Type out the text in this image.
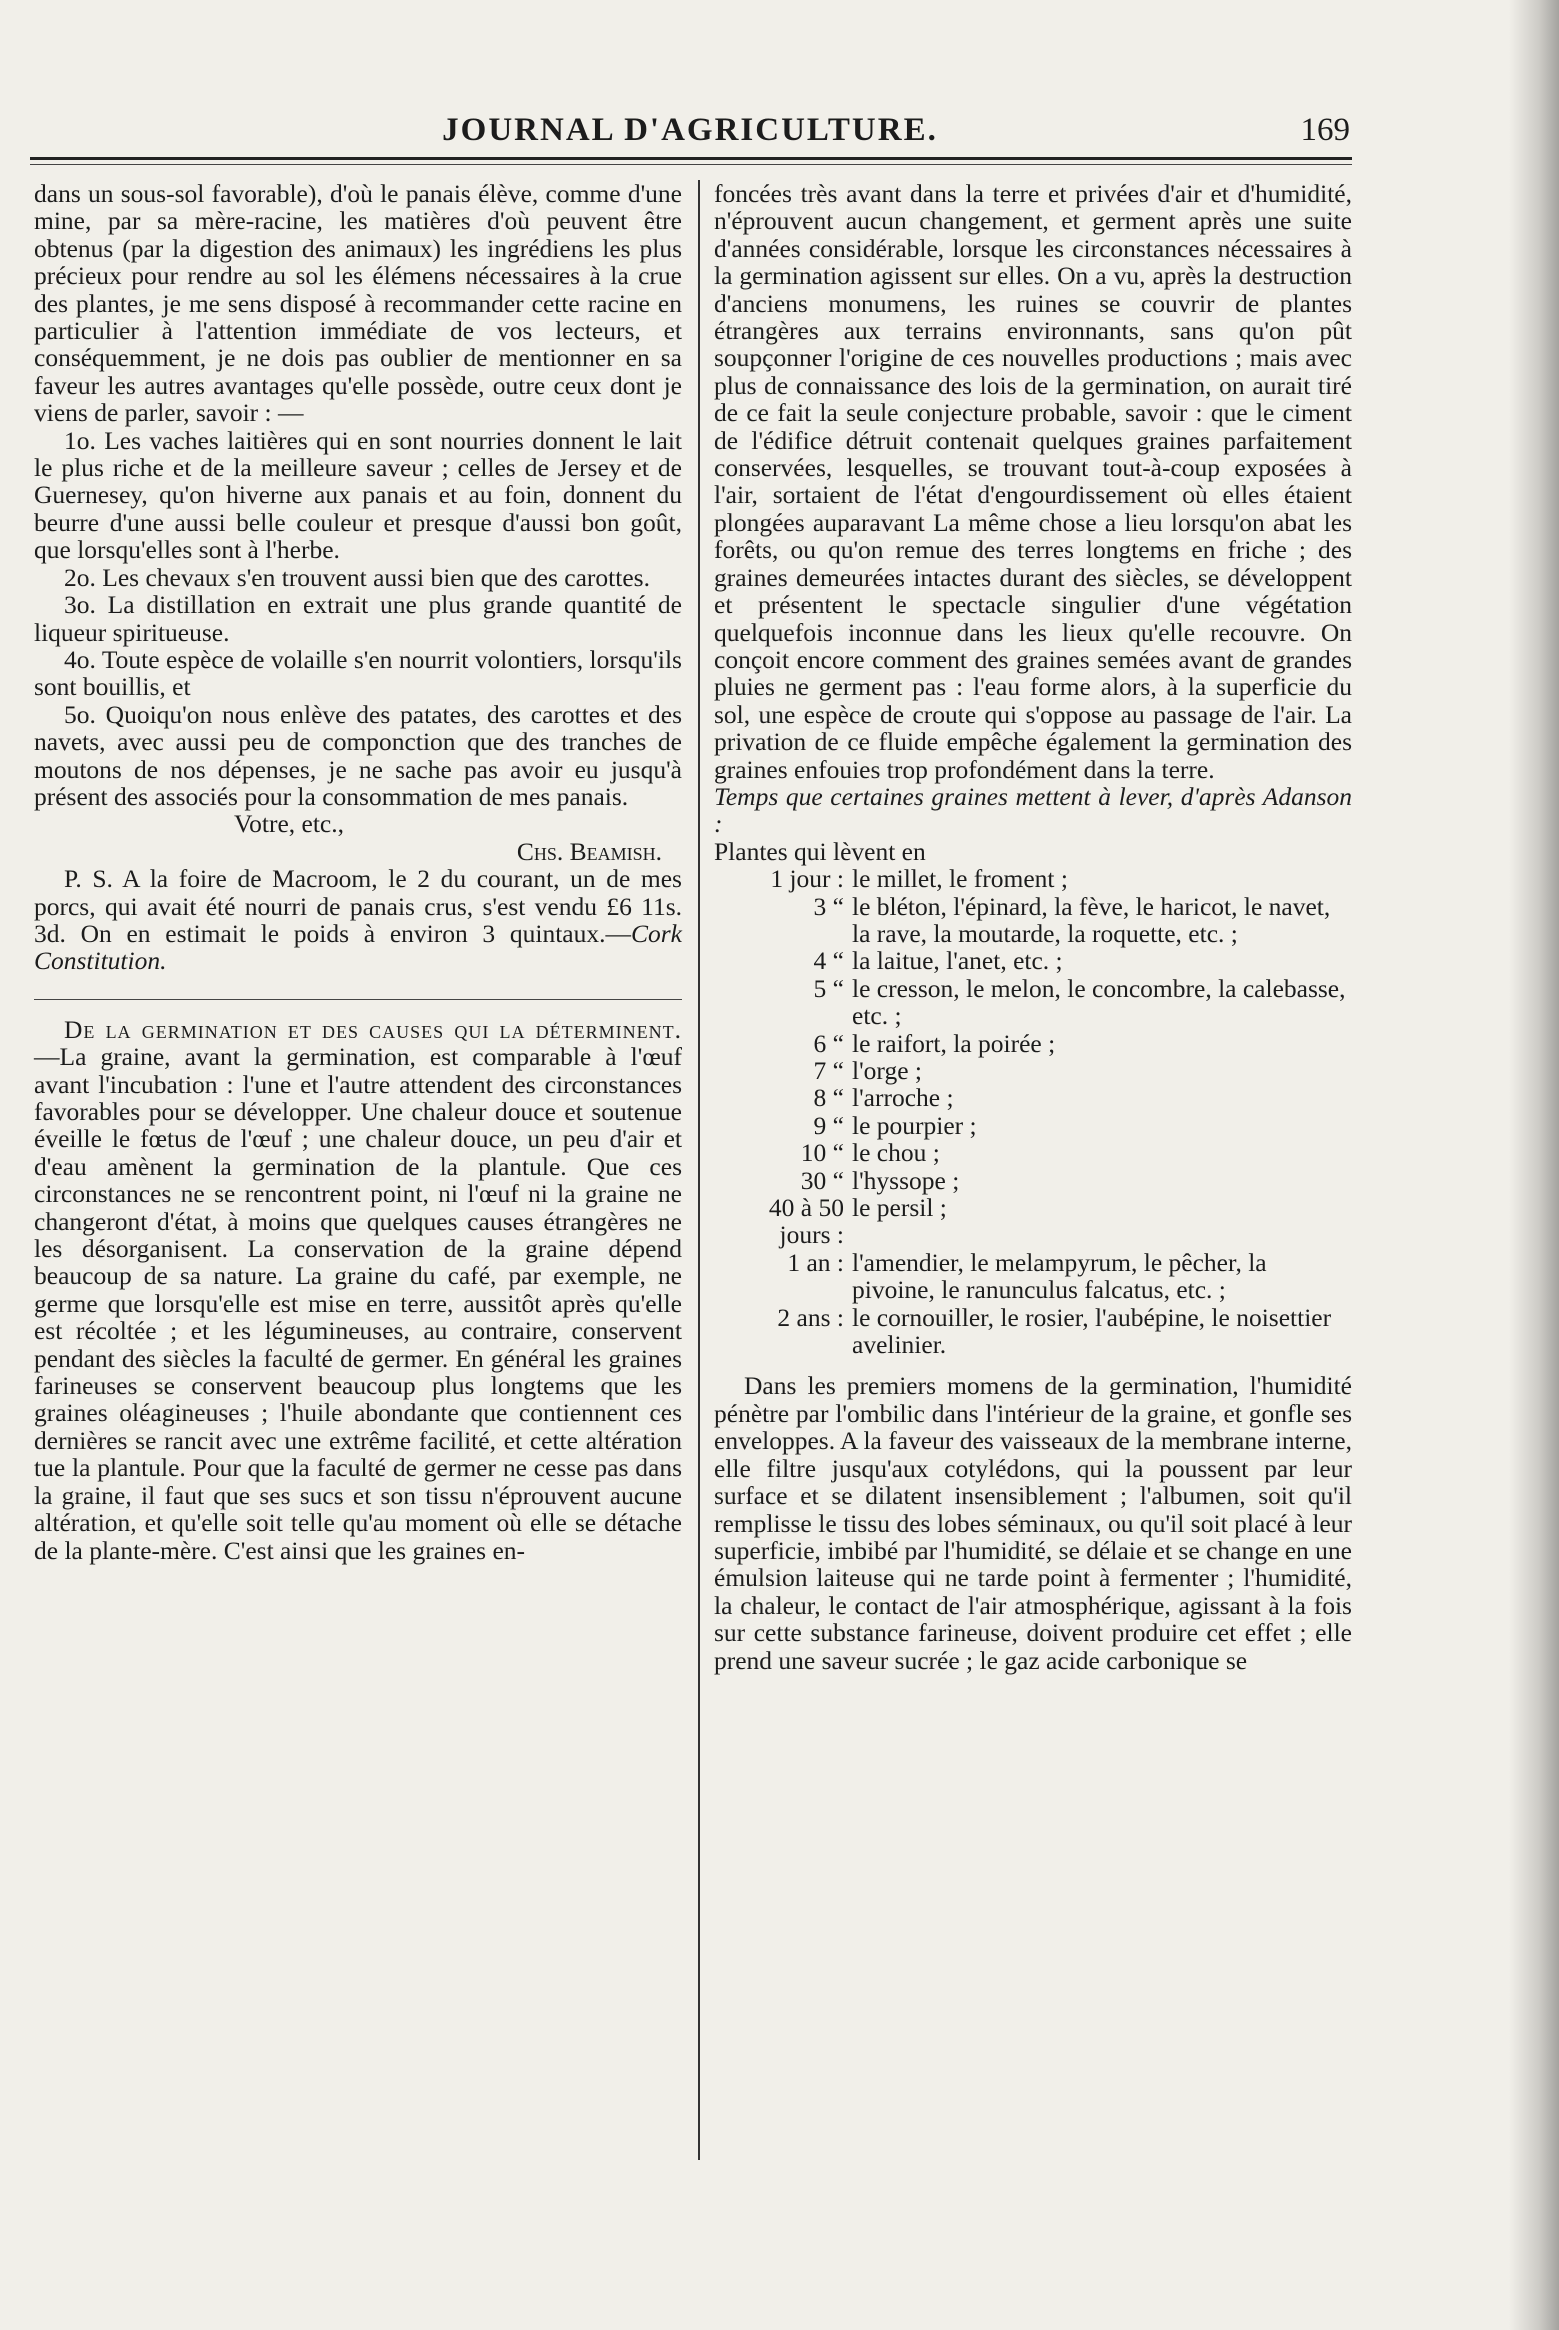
JOURNAL D'AGRICULTURE.	169

dans un sous-sol favorable), d'où le panais élève, comme d'une mine, par sa mère-racine, les matières d'où peuvent être obtenus (par la digestion des animaux) les ingrédiens les plus précieux pour rendre au sol les élémens nécessaires à la crue des plantes, je me sens disposé à recommander cette racine en particulier à l'attention immédiate de vos lecteurs, et conséquemment, je ne dois pas oublier de mentionner en sa faveur les autres avantages qu'elle possède, outre ceux dont je viens de parler, savoir : —

1o. Les vaches laitières qui en sont nourries donnent le lait le plus riche et de la meilleure saveur ; celles de Jersey et de Guernesey, qu'on hiverne aux panais et au foin, donnent du beurre d'une aussi belle couleur et presque d'aussi bon goût, que lorsqu'elles sont à l'herbe.

2o. Les chevaux s'en trouvent aussi bien que des carottes.

3o. La distillation en extrait une plus grande quantité de liqueur spiritueuse.

4o. Toute espèce de volaille s'en nourrit volontiers, lorsqu'ils sont bouillis, et

5o. Quoiqu'on nous enlève des patates, des carottes et des navets, avec aussi peu de componction que des tranches de moutons de nos dépenses, je ne sache pas avoir eu jusqu'à présent des associés pour la consommation de mes panais.

Votre, etc.,

Chs. Beamish.

P. S. A la foire de Macroom, le 2 du courant, un de mes porcs, qui avait été nourri de panais crus, s'est vendu £6 11s. 3d. On en estimait le poids à environ 3 quintaux.—Cork Constitution.

De la germination et des causes qui la déterminent.—La graine, avant la germination, est comparable à l'œuf avant l'incubation : l'une et l'autre attendent des circonstances favorables pour se développer. Une chaleur douce et soutenue éveille le fœtus de l'œuf ; une chaleur douce, un peu d'air et d'eau amènent la germination de la plantule. Que ces circonstances ne se rencontrent point, ni l'œuf ni la graine ne changeront d'état, à moins que quelques causes étrangères ne les désorganisent. La conservation de la graine dépend beaucoup de sa nature. La graine du café, par exemple, ne germe que lorsqu'elle est mise en terre, aussitôt après qu'elle est récoltée ; et les légumineuses, au contraire, conservent pendant des siècles la faculté de germer. En général les graines farineuses se conservent beaucoup plus longtems que les graines oléagineuses ; l'huile abondante que contiennent ces dernières se rancit avec une extrême facilité, et cette altération tue la plantule. Pour que la faculté de germer ne cesse pas dans la graine, il faut que ses sucs et son tissu n'éprouvent aucune altération, et qu'elle soit telle qu'au moment où elle se détache de la plante-mère. C'est ainsi que les graines en-

foncées très avant dans la terre et privées d'air et d'humidité, n'éprouvent aucun changement, et germent après une suite d'années considérable, lorsque les circonstances nécessaires à la germination agissent sur elles. On a vu, après la destruction d'anciens monumens, les ruines se couvrir de plantes étrangères aux terrains environnants, sans qu'on pût soupçonner l'origine de ces nouvelles productions ; mais avec plus de connaissance des lois de la germination, on aurait tiré de ce fait la seule conjecture probable, savoir : que le ciment de l'édifice détruit contenait quelques graines parfaitement conservées, lesquelles, se trouvant tout-à-coup exposées à l'air, sortaient de l'état d'engourdissement où elles étaient plongées auparavant La même chose a lieu lorsqu'on abat les forêts, ou qu'on remue des terres longtems en friche ; des graines demeurées intactes durant des siècles, se développent et présentent le spectacle singulier d'une végétation quelquefois inconnue dans les lieux qu'elle recouvre. On conçoit encore comment des graines semées avant de grandes pluies ne germent pas : l'eau forme alors, à la superficie du sol, une espèce de croute qui s'oppose au passage de l'air. La privation de ce fluide empêche également la germination des graines enfouies trop profondément dans la terre.

Temps que certaines graines mettent à lever, d'après Adanson :

Plantes qui lèvent en

1 jour : le millet, le froment ;
3 “ le bléton, l'épinard, la fève, le haricot, le navet, la rave, la moutarde, la roquette, etc. ;
4 “ la laitue, l'anet, etc. ;
5 “ le cresson, le melon, le concombre, la calebasse, etc. ;
6 “ le raifort, la poirée ;
7 “ l'orge ;
8 “ l'arroche ;
9 “ le pourpier ;
10 “ le chou ;
30 “ l'hyssope ;
40 à 50 jours :
le persil ;
1 an : l'amendier, le melampyrum, le pêcher, la pivoine, le ranunculus falcatus, etc. ;
2 ans : le cornouiller, le rosier, l'aubépine, le noisettier avelinier.

Dans les premiers momens de la germination, l'humidité pénètre par l'ombilic dans l'intérieur de la graine, et gonfle ses enveloppes. A la faveur des vaisseaux de la membrane interne, elle filtre jusqu'aux cotylédons, qui la poussent par leur surface et se dilatent insensiblement ; l'albumen, soit qu'il remplisse le tissu des lobes séminaux, ou qu'il soit placé à leur superficie, imbibé par l'humidité, se délaie et se change en une émulsion laiteuse qui ne tarde point à fermenter ; l'humidité, la chaleur, le contact de l'air atmosphérique, agissant à la fois sur cette substance farineuse, doivent produire cet effet ; elle prend une saveur sucrée ; le gaz acide carbonique se
